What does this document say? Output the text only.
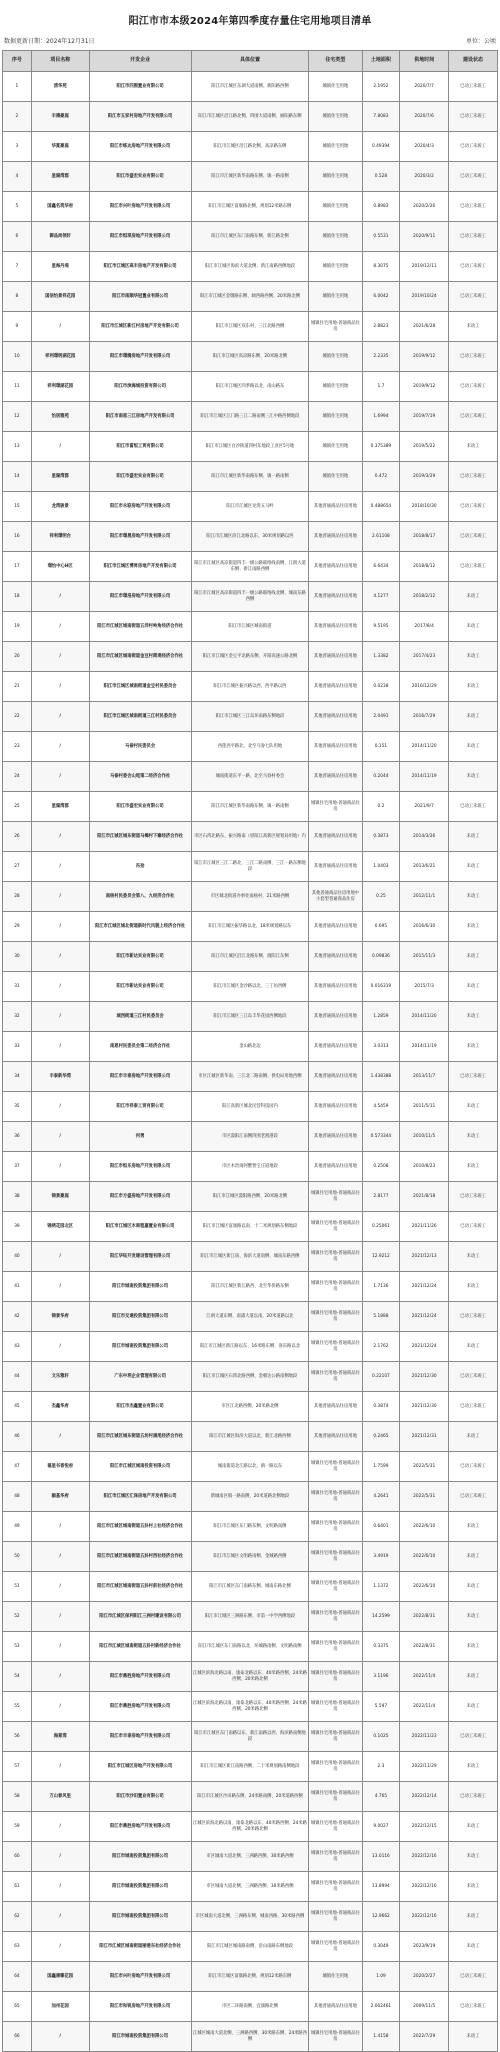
阳江市市本级2024年第四季度存量住宅用地项目清单
数据更新日期：2024年12月31日	单位：公顷
序号	项目名称	开发企业	具体位置	住宅类型	土地面积	供地时间	建设状态
1	清华苑	阳江市四围置业有限公司	阳江市江城区东湖大道南侧、新阳路西侧	城镇住宅用地	2.1952	2020/7/7	已动工未竣工
2	丰禧豪庭	阳江市五家村房地产开发有限公司	阳江市江城区沿江路北侧、四围大道南侧、丽阳路东侧	城镇住宅用地	7.8083	2020/7/6	已动工未竣工
3	华夏豪庭	阳江市练达房地产开发有限公司	阳江市江城区沿江路北侧、高凉路东侧	城镇住宅用地	0.49394	2020/4/3	已动工未竣工
4	星湖湾郡	阳江市盛宏实业有限公司	阳江市江城区新华南路东侧、镇一路南侧	城镇住宅用地	0.528	2020/3/2	已动工未竣工
5	国鑫名筑华府	阳江市兴叶房地产开发有限公司	阳江市江城区富康路北侧、规划12米路东侧	城镇住宅用地	0.8983	2020/2/26	已动工未竣工
6	御品尚领轩	阳江市恒琪房地产开发有限公司	阳江市江城区东门南路东侧、新江路北侧	城镇住宅用地	0.5531	2020/9/11	已动工未竣工
7	星海丹堤	阳江市江城区高丰房地产开发有限公司	阳江市江城区海滨大道北侧、新江南路西侧地段	城镇住宅用地	8.3075	2019/12/11	已动工未竣工
8	国信怡景祥花园	阳江市南顺华冠置业有限公司	阳江市江城区金墩路东侧、阔西路西侧、20米路北侧	城镇住宅用地	6.0042	2019/10/24	已动工未竣工
9	/	阳江市江城区新江村房地产开发有限公司	阳江市江城区双东村、三江北路西侧	城镇住宅用地-普通商品住房	2.8823	2021/6/28	未动工
10	祥利璟明湖花园	阳江市璟腾房地产开发有限公司	阳江市江城区高凉路东侧、20米路北侧	城镇住宅用地	2.2335	2019/9/12	已动工未竣工
11	祥利璟湖花园	阳江市滨海城投资有限公司	阳江市江城区四季路以北、南山路东	城镇住宅用地	1.7	2019/9/12	已动工未竣工
12	怡居雅苑	阳江市南恩三江房地产开发有限公司	阳江市江城区江门路三江二路南侧三江中路西侧地段	城镇住宅用地	1.6994	2019/7/19	已动工未竣工
13	/	阳江市富恒工贸有限公司	阳江市江城区白沙街道四村东地段工业区5号地	城镇住宅用地	0.375389	2019/5/22	未动工
14	星湖湾郡	阳江市盛宏实业有限公司	阳江市江城区新华南路东侧、镇一路南侧	城镇住宅用地	0.472	2019/3/29	已动工未竣工
15	龙湾骏景	阳江市永联房地产开发有限公司	阳江市江城区龙湾五马岭	其他普通商品住房用地	0.488654	2018/10/30	已动工未竣工
16	祥利璟明台	阳江市璟晟房地产开发有限公司	阳江市江城区滨江北路以东、30米规划路以西	其他普通商品住房用地	2.61108	2018/8/17	已动工未竣工
17	璟怡中心H区	阳江市江城区博昇房地产开发有限公司	阳江市江城区高凉街道四丰一级公路联络线南侧、江朗大道东侧、新江南路西侧	其他普通商品住房用地	6.6434	2018/8/12	已动工未竣工
18	/	阳江市璟洛房地产开发有限公司	阳江市江城区高凉街道四丰一级公路联络线北侧、城南东路西侧	其他普通商品住房用地	4.1277	2018/2/12	未动工
19	/	阳江市江城区城南街道五洋村岭角经济合作社	阳江市江城区城南街道	其他普通商品住房用地	9.5195	2017/8/4	未动工
20	/	阳江市江城区城南街道金豆村简堤经济合作社	阳江市江城区金豆平北路东侧、开阳高速公路北侧	其他普通商品住房用地	1.3382	2017/4/23	未动工
21	/	阳江市江城区城南街道金豆村民委员会	阳江市江城区振兴路以西、西平路以西	其他普通商品住房用地	0.0238	2016/12/29	未动工
22	/	阳江市江城区城南街道三江村民委员会	阳江市江城区三江岛环南路东侧地段	其他普通商品住房用地	2.0491	2016/7/29	未动工
23	/	马眷村民委员会	西莲西平路北、北至马眷七队用地	其他普通商品住房用地	0.151	2014/11/20	未动工
24	/	马眷村委会山尾第二经济合作社	城南街道东平一路、北至马眷村委会	其他普通商品住房用地	0.2044	2014/11/19	未动工
25	星湖湾郡	阳江市盛宏实业有限公司	阳江市江城区新华南路东侧、镇一路南侧	城镇住宅用地-普通商品住房	0.2	2021/9/7	已动工未竣工
26	/	阳江市江城区城东街道马樟村下寨经济合作社	市区石湾北路东、振兴路南（原阳江高新区规划局用地）内	其他普通商品住房用地	0.3873	2014/3/26	未动工
27	/	冯劲	阳江市江城区三江二路北、三江二路南侧、三江一路东侧地段	其他普通商品住房用地	1.0403	2013/6/21	未动工
28	/	南杨村民委员会第八、九经济合作社	市区城北街道办事处南杨村、21米路西侧	其他普通商品住房用地中小套型普通商品住房	0.25	2012/11/1	未动工
29	/	阳江市江城区城北街道新时代风貌上经济合作社	阳江市江城区振华路以北、18米规划路以东	其他普通商品住房用地	0.695	2016/6/30	未动工
30	/	阳江市新达实业有限公司	阳江市江城区沿江北路东侧、渡阳江东侧	其他普通商品住房用地	0.09836	2015/11/3	未动工
31	/	阳江市新达实业有限公司	阳江市江城区金沙路以北、三丁坊西侧	其他普通商品住房用地	0.016319	2015/7/3	未动工
32	/	城西街道三江村民委员会	阳江市江城区三江岛丰华花园西侧地段	其他普通商品住房用地	1.2859	2014/11/20	未动工
33	/	南恩村民委员会第二经济合作社	金山路北边	其他普通商品住房用地	3.0313	2014/11/19	未动工
34	丰泰新华湾	阳江市丰泰房地产开发有限公司	市区江城区新华南、三江北二路南侧、供电局用地西侧	其他普通商品住房用地	1.438388	2013/11/7	已动工未竣工
35	/	阳江市祥泰工贸有限公司	阳江高新区城北民营科技园内	其他普通商品住房用地	4.5459	2011/5/11	未动工
36	/	何勇	市区漠阳江南侧四围老渔港段	其他普通商品住房用地	0.573344	2010/11/5	未动工
37	/	阳江市恒乐房地产开发有限公司	市区木贵岗阿蟹智宝庄道地段	其他普通商品住房用地	0.2508	2010/8/23	未动工
38	锦景豪庭	阳江市方盛房地产开发有限公司	阳江市江城区漠阳路西侧、20米路北侧	城镇住宅用地-普通商品住房	2.8177	2021/8/18	已动工未竣工
39	锦绣花园北区	阳江市江城区木商程嘉置业有限公司	阳江市江城区富康路以南、十二米规划路东侧地段	城镇住宅用地-普通商品住房	0.25061	2021/11/26	已动工未竣工
40	/	阳江华钰开发建设管理有限公司	阳江市江城区新江南、海滨大道南侧、城南东路西侧	城镇住宅用地-普通商品住房	12.9212	2021/12/13	未动工
41	/	阳江市城南投资集团有限公司	阳江市江城区新江路西、北至华侨路东侧	城镇住宅用地-普通商品住房	1.7136	2021/12/24	未动工
42	锦景华府	阳江市交通投资集团有限公司	江朗大道东侧、南浦大道以南、20米道路以北	城镇住宅用地-普通商品住房	5.1888	2021/12/24	已动工未竣工
43	/	阳江市城南投资集团有限公司	阳江市江城区新江路以东、16米路东侧、洛东路以北	城镇住宅用地-普通商品住房	2.1762	2021/12/24	未动工
44	文乐雅轩	广东中玥企业管理有限公司	阳江市江城区石湾北路西侧、金朝达公路南侧地段	城镇住宅用地-普通商品住房	0.22107	2021/12/30	已动工未竣工
45	杰鑫华府	阳江市杰鑫置业有限公司	市区江北路西侧、20米路北侧	其他普通商品住房用地	0.3874	2021/12/30	已动工未竣工
46	/	阳江市江城区城东街道五坊村涌尾经济合作社	阳江市江城区海滨大道以北、新江北路西侧	其他普通商品住房用地	0.2465	2021/12/31	未动工
47	福星书香悦府	阳江市江城区城南投资有限公司	城南街道北江路以北、镇一路以东	城镇住宅用地-普通商品住房	1.7599	2022/5/31	已动工未竣工
48	颐基华府	阳江市江城区汇泽房地产开发有限公司	新城南区镇一路南侧、20米道路北侧地段	城镇住宅用地-普通商品住房	4.2641	2022/5/31	已动工未竣工
49	/	阳江市江城区城南街道五卦村上社经济合作社	阳江市江城区东门路东侧、文明路南侧	城镇住宅用地-普通商品住房	0.6401	2022/6/10	未动工
50	/	阳江市江城区城南街道五卦村西社经济合作社	阳江市江城区文明路南侧、金城路西侧	城镇住宅用地-普通商品住房	3.4919	2022/6/10	未动工
51	/	阳江市江城区城南街道五卦村前社经济合作社	阳江市江城区东门南路东侧、城南东路北侧	城镇住宅用地-普通商品住房	1.1372	2022/6/10	未动工
52	/	阳江市江城区保利阳江三洲村建设有限公司	阳江市江城区三洲路东侧、市第一中学西侧地段	城镇住宅用地-普通商品住房	14.2599	2022/8/31	未动工
53	/	阳江市江城区城南街道五卦村新经济合作社	阳江市江城区东门南路以北、环城路南侧、文明路南侧	城镇住宅用地-普通商品住房	0.3375	2022/8/31	未动工
54	/	阳江市鼎胜房地产开发有限公司	江城区滨海北路以南、康泰北路以东、40米路西侧、24米路西侧、20米路北侧	城镇住宅用地-普通商品住房	3.1196	2022/11/4	未动工
55	/	阳江市鼎胜房地产开发有限公司	江城区滨海北路以南、康泰北路以东、40米路西侧、24米路西侧、20米路北侧	城镇住宅用地-普通商品住房	5.597	2022/11/4	未动工
56	海棠湾	阳江市丰泰房地产开发有限公司	阳江市江城区东门南路以东、新江南路以西、海滨路南侧地段	城镇住宅用地-普通商品住房	0.1025	2022/11/23	已动工未竣工
57	/	阳江市江城区房地产开发有限公司	阳江市江城区新江南路西侧、二十米规划路南侧地段	城镇住宅用地-普通商品住房	2.3	2022/11/29	未动工
58	万山春风里	阳江市沙田置业有限公司	阳江市江城区沙田路东侧、24米路南侧、20米道路西侧	城镇住宅用地-普通商品住房	4.765	2022/12/14	已动工未竣工
59	/	阳江市鼎胜房地产开发有限公司	江城区滨海北路以南、康泰北路以东、40米路西侧、24米路西侧、20米路北侧	城镇住宅用地-普通商品住房	9.0027	2022/12/15	未动工
60	/	阳江市城南投资集团有限公司	市区城南大道北侧、三洲路西侧、30米路西侧	城镇住宅用地-普通商品住房	13.0116	2022/12/16	未动工
61	/	阳江市城南投资集团有限公司	市区城南大道北侧、三洲路西侧、30米路西侧	城镇住宅用地-普通商品住房	13.8994	2022/12/16	未动工
62	/	阳江市城南投资集团有限公司	市区城南大道北侧、三洲路东侧、城南西路、30米路西侧	城镇住宅用地-普通商品住房	12.9662	2022/12/16	未动工
63	/	阳江市江城区城南街道丽港东社经济合作社	阳江市江城区城南路南侧、沿山南路东侧地段	城镇住宅用地-普通商品住房	0.3049	2023/9/19	未动工
64	国鑫康臻花园	阳江市兴叶房地产开发有限公司	阳江市江城区富康路北侧、规划12米路东侧	城镇住宅用地	1.09	2020/2/27	已动工未竣工
65	加州花园	阳江市和锐房地产开发有限公司	市区二环路南侧、宜康路北侧	其他普通商品住房用地	2.002461	2009/11/5	已动工未竣工
66	/	阳江市城南投资集团有限公司	江城区城南大道北侧、三洲路西侧、30米路东侧、24米路西侧	城镇住宅用地-普通商品住房	1.4158	2022/7/29	未动工
